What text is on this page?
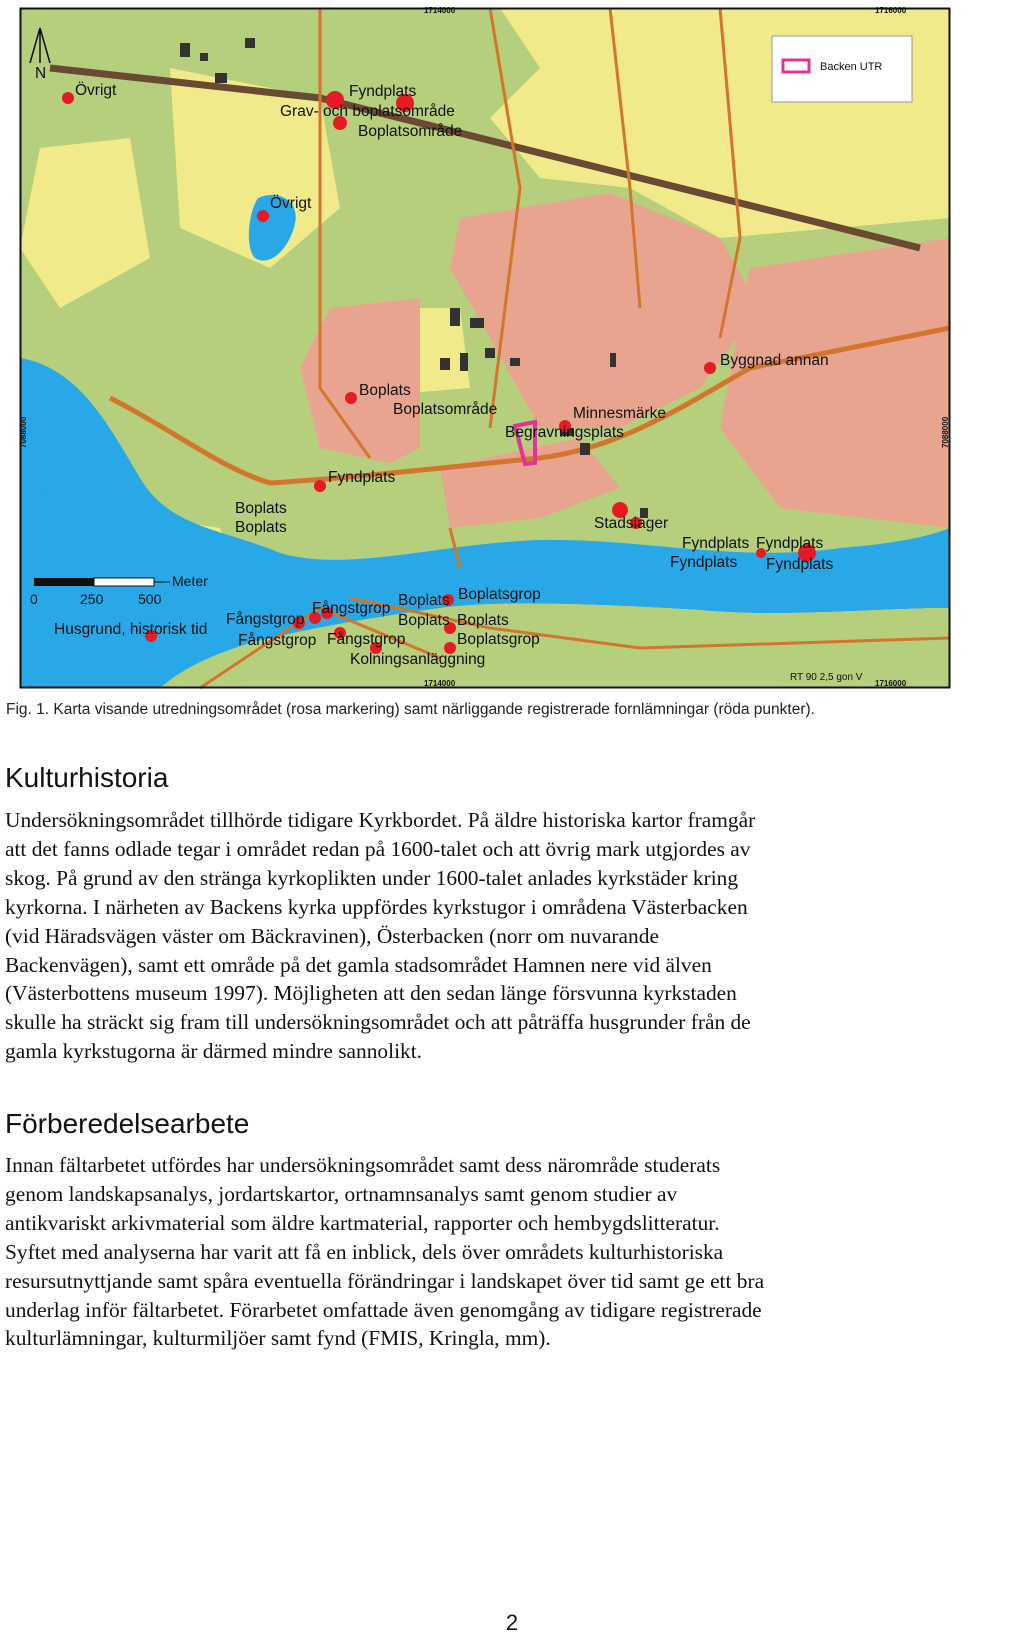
1714000	1716000
1714000	1716000
7088000	7088000
N	Backen UTR
Meter
0	250 500
RT 90 2,5 gon V
Övrigt	Fyndplats
Grav- och boplatsområde
Boplatsområde
Övrigt
Byggnad annan
Boplats
Boplatsområde	Minnesmärke
Begravningsplats
Fyndplats
Boplats
Boplats	Stadslager
Fyndplats Fyndplats
Fyndplats Fyndplats
Fångstgrop Boplats Boplatsgrop
Husgrund, historisk tid
Fångstgrop	Boplats Boplats
Fångstgrop Fångstgrop	Boplatsgrop
Kolningsanläggning
Fig. 1. Karta visande utredningsområdet (rosa markering) samt närliggande registrerade fornlämningar (röda punkter).
Kulturhistoria

Undersökningsområdet tillhörde tidigare Kyrkbordet. På äldre historiska kartor framgår
att det fanns odlade tegar i området redan på 1600-talet och att övrig mark utgjordes av
skog. På grund av den stränga kyrkoplikten under 1600-talet anlades kyrkstäder kring
kyrkorna. I närheten av Backens kyrka uppfördes kyrkstugor i områdena Västerbacken
(vid Häradsvägen väster om Bäckravinen), Österbacken (norr om nuvarande
Backenvägen), samt ett område på det gamla stadsområdet Hamnen nere vid älven
(Västerbottens museum 1997). Möjligheten att den sedan länge försvunna kyrkstaden
skulle ha sträckt sig fram till undersökningsområdet och att påträffa husgrunder från de
gamla kyrkstugorna är därmed mindre sannolikt.

Förberedelsearbete

Innan fältarbetet utfördes har undersökningsområdet samt dess närområde studerats
genom landskapsanalys, jordartskartor, ortnamnsanalys samt genom studier av
antikvariskt arkivmaterial som äldre kartmaterial, rapporter och hembygdslitteratur.
Syftet med analyserna har varit att få en inblick, dels över områdets kulturhistoriska
resursutnyttjande samt spåra eventuella förändringar i landskapet över tid samt ge ett bra
underlag inför fältarbetet. Förarbetet omfattade även genomgång av tidigare registrerade
kulturlämningar, kulturmiljöer samt fynd (FMIS, Kringla, mm).

2
